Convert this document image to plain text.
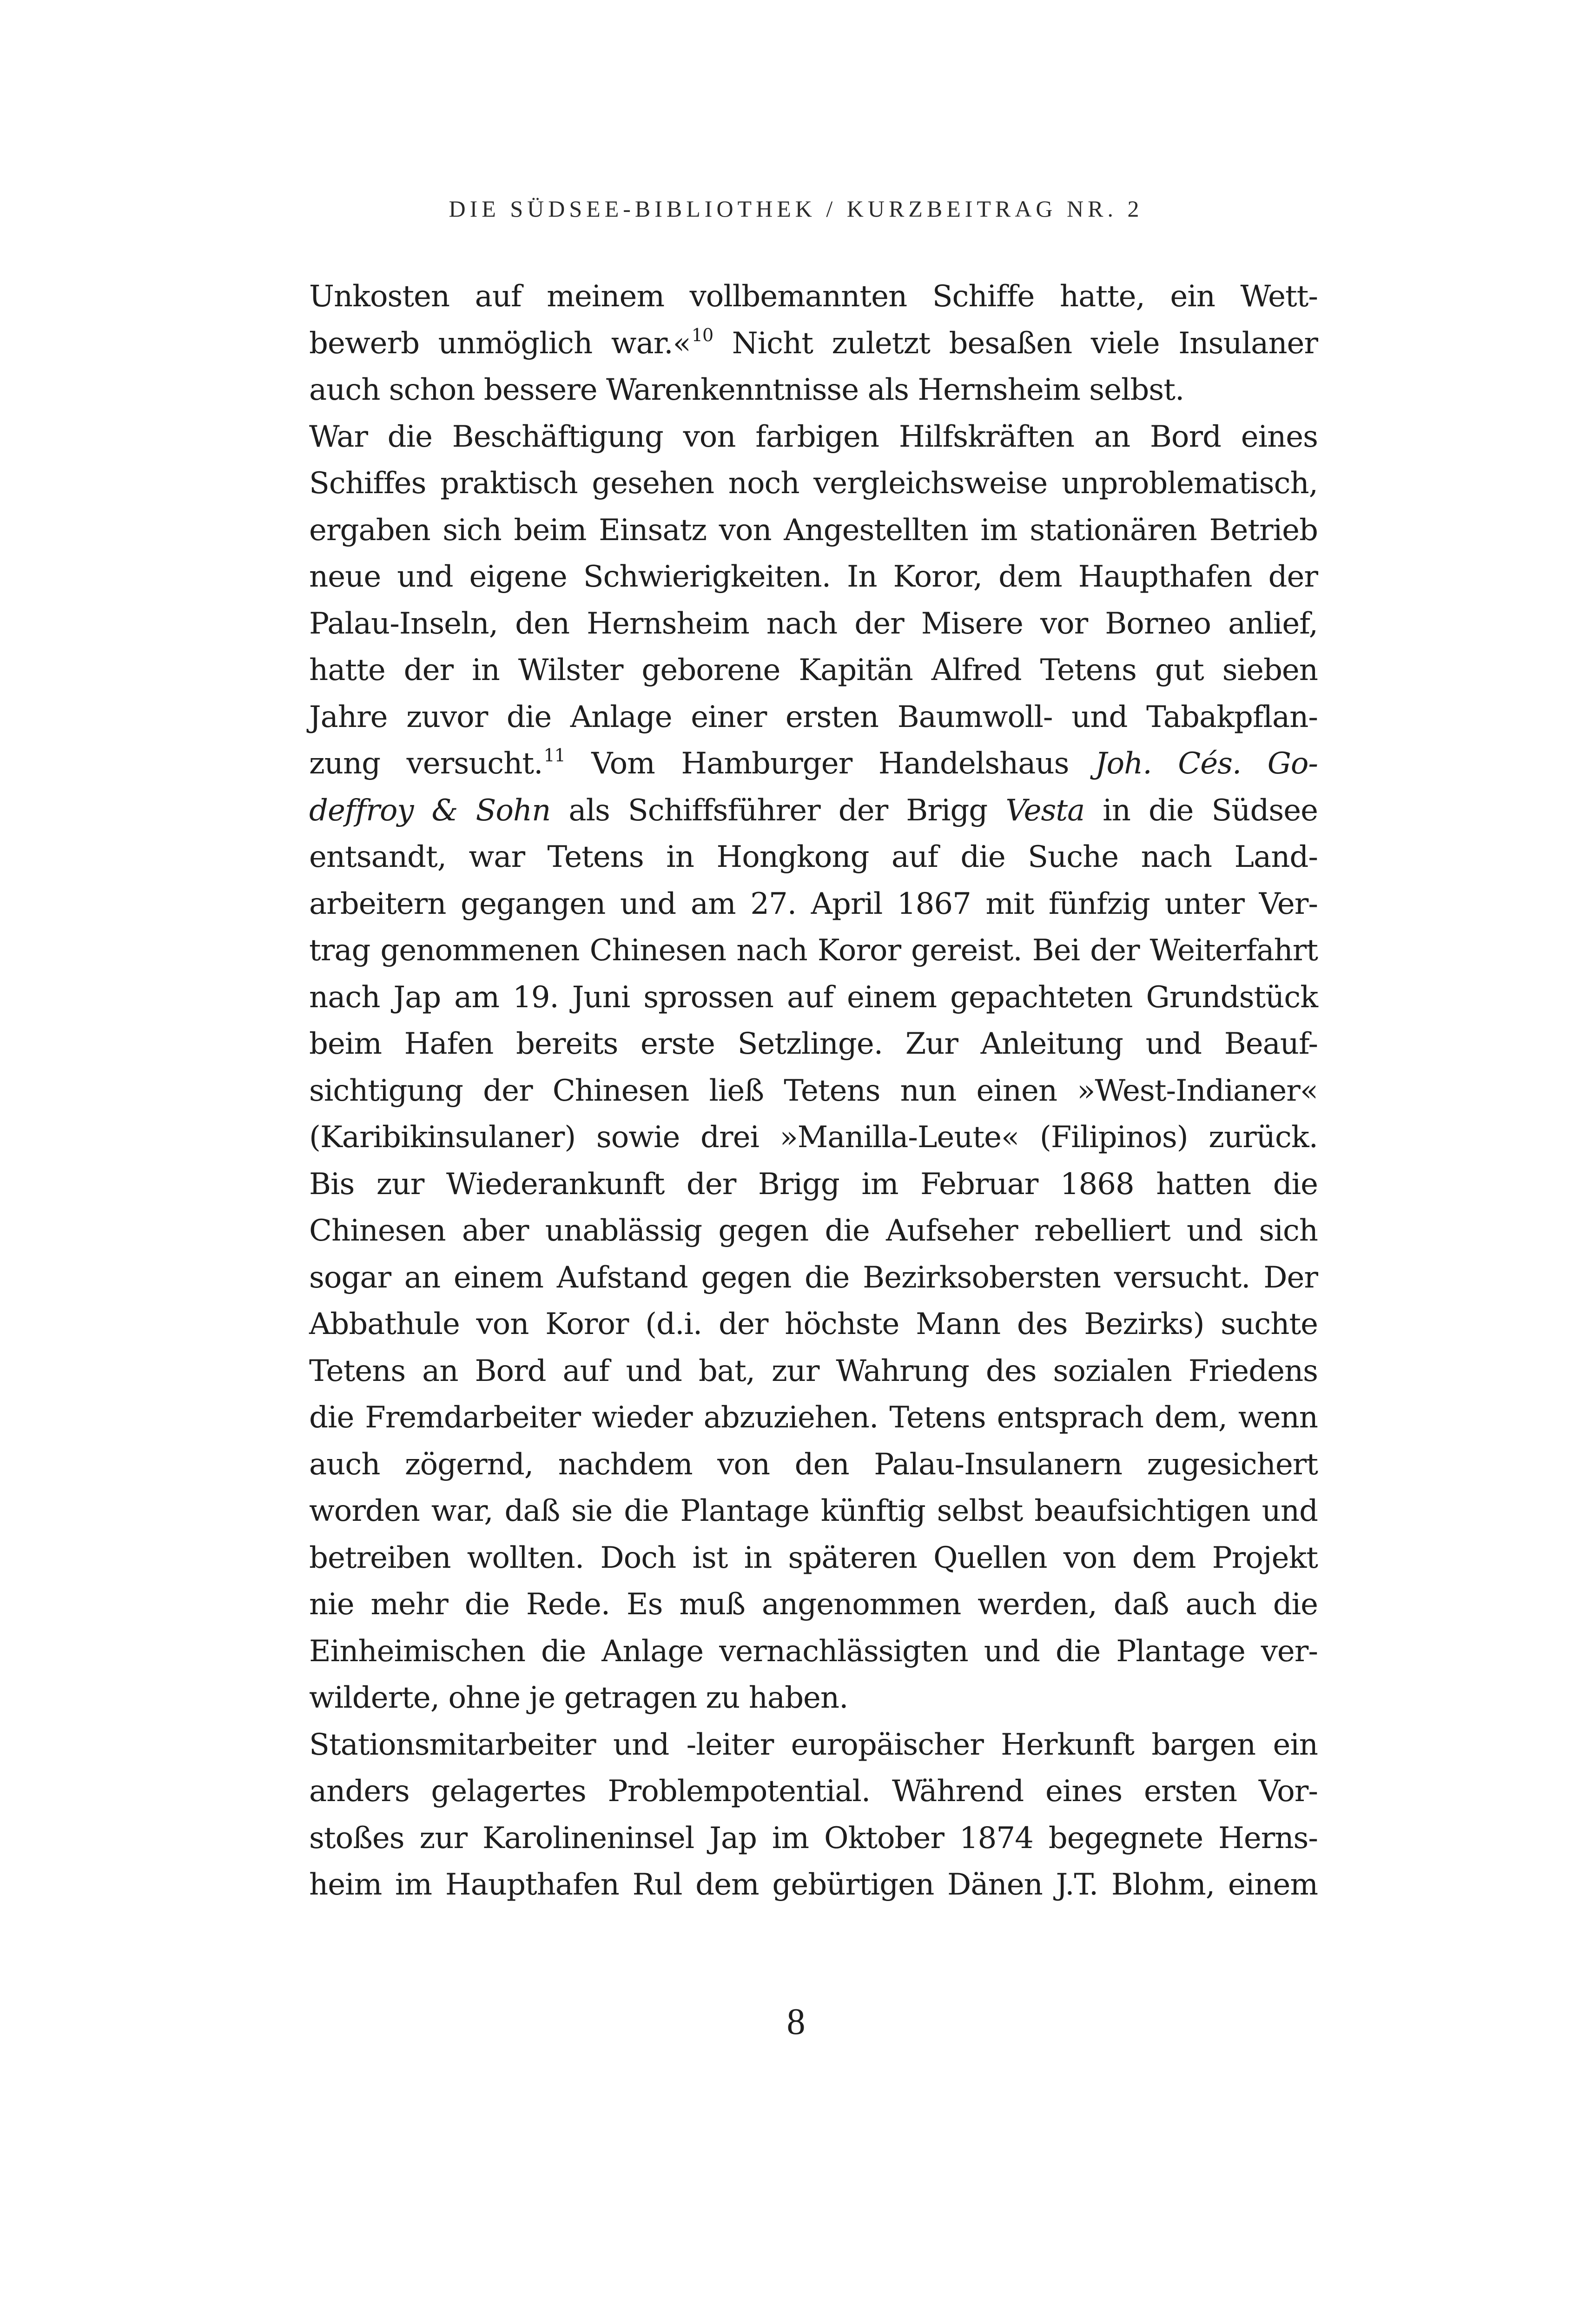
DIE SÜDSEE-BIBLIOTHEK / KURZBEITRAG NR. 2
Unkosten auf meinem vollbemannten Schiffe hatte, ein Wett-
bewerb unmöglich war.«$^{10}$ Nicht zuletzt besaßen viele Insulaner
auch schon bessere Warenkenntnisse als Hernsheim selbst.
War die Beschäftigung von farbigen Hilfskräften an Bord eines
Schiffes praktisch gesehen noch vergleichsweise unproblematisch,
ergaben sich beim Einsatz von Angestellten im stationären Betrieb
neue und eigene Schwierigkeiten. In Koror, dem Haupthafen der
Palau-Inseln, den Hernsheim nach der Misere vor Borneo anlief,
hatte der in Wilster geborene Kapitän Alfred Tetens gut sieben
Jahre zuvor die Anlage einer ersten Baumwoll- und Tabakpflan-
zung versucht.$^{11}$ Vom Hamburger Handelshaus Joh. Cés. Go-
deffroy & Sohn als Schiffsführer der Brigg Vesta in die Südsee
entsandt, war Tetens in Hongkong auf die Suche nach Land-
arbeitern gegangen und am 27. April 1867 mit fünfzig unter Ver-
trag genommenen Chinesen nach Koror gereist. Bei der Weiterfahrt
nach Jap am 19. Juni sprossen auf einem gepachteten Grundstück
beim Hafen bereits erste Setzlinge. Zur Anleitung und Beauf-
sichtigung der Chinesen ließ Tetens nun einen »West-Indianer«
(Karibikinsulaner) sowie drei »Manilla-Leute« (Filipinos) zurück.
Bis zur Wiederankunft der Brigg im Februar 1868 hatten die
Chinesen aber unablässig gegen die Aufseher rebelliert und sich
sogar an einem Aufstand gegen die Bezirksobersten versucht. Der
Abbathule von Koror (d.i. der höchste Mann des Bezirks) suchte
Tetens an Bord auf und bat, zur Wahrung des sozialen Friedens
die Fremdarbeiter wieder abzuziehen. Tetens entsprach dem, wenn
auch zögernd, nachdem von den Palau-Insulanern zugesichert
worden war, daß sie die Plantage künftig selbst beaufsichtigen und
betreiben wollten. Doch ist in späteren Quellen von dem Projekt
nie mehr die Rede. Es muß angenommen werden, daß auch die
Einheimischen die Anlage vernachlässigten und die Plantage ver-
wilderte, ohne je getragen zu haben.
Stationsmitarbeiter und -leiter europäischer Herkunft bargen ein
anders gelagertes Problempotential. Während eines ersten Vor-
stoßes zur Karolineninsel Jap im Oktober 1874 begegnete Herns-
heim im Haupthafen Rul dem gebürtigen Dänen J.T. Blohm, einem
8
